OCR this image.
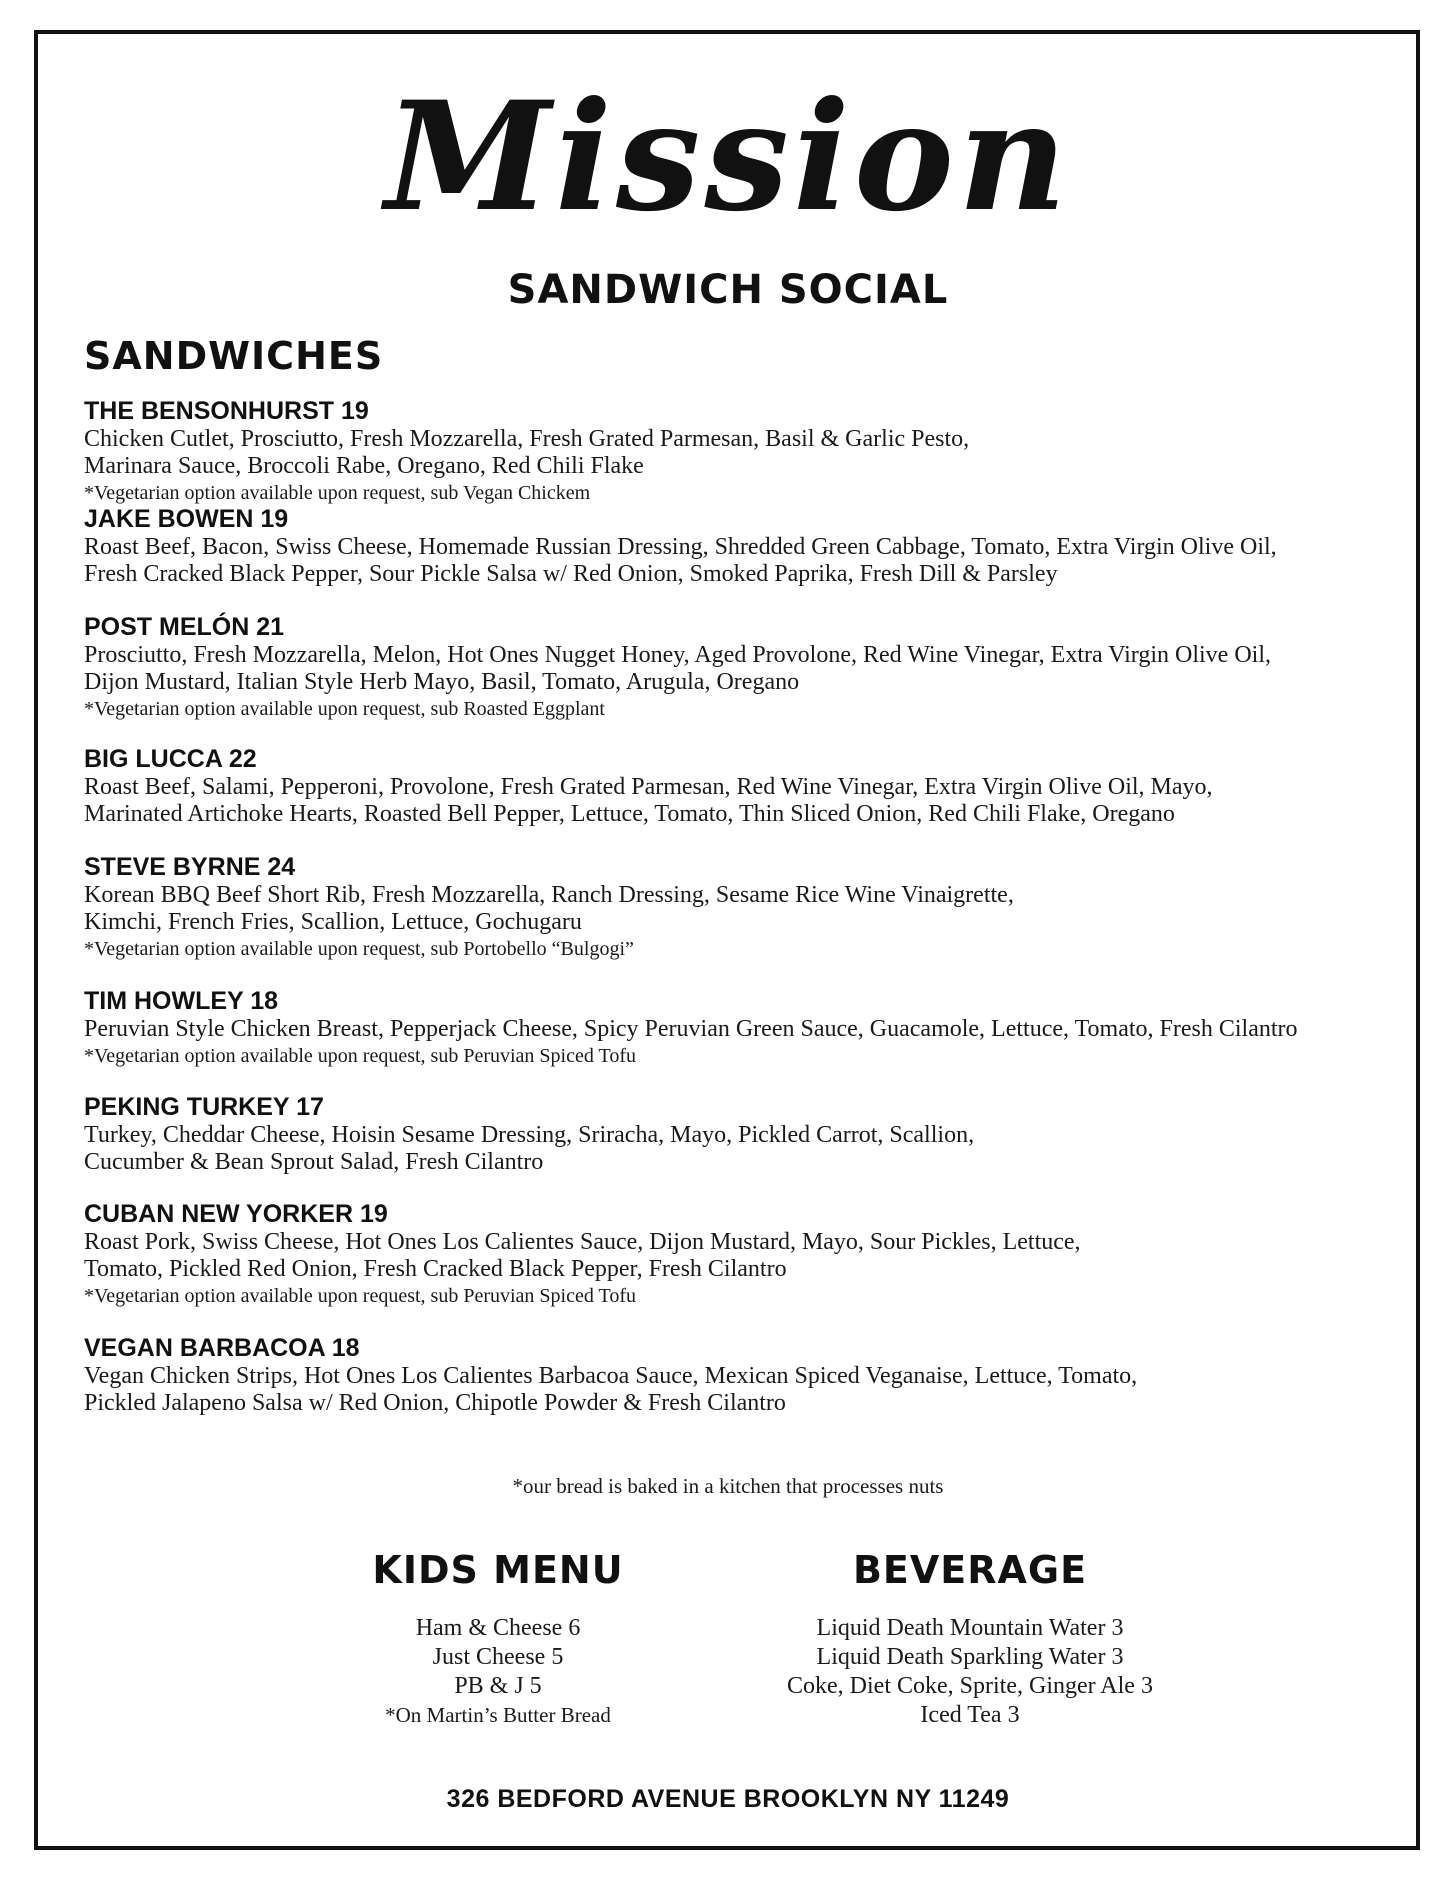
Mission
SANDWICH SOCIAL
SANDWICHES
THE BENSONHURST 19
Chicken Cutlet, Prosciutto, Fresh Mozzarella, Fresh Grated Parmesan, Basil & Garlic Pesto,
Marinara Sauce, Broccoli Rabe, Oregano, Red Chili Flake
*Vegetarian option available upon request, sub Vegan Chickem
JAKE BOWEN 19
Roast Beef, Bacon, Swiss Cheese, Homemade Russian Dressing, Shredded Green Cabbage, Tomato, Extra Virgin Olive Oil,
Fresh Cracked Black Pepper, Sour Pickle Salsa w/ Red Onion, Smoked Paprika, Fresh Dill & Parsley
POST MELÓN 21
Prosciutto, Fresh Mozzarella, Melon, Hot Ones Nugget Honey, Aged Provolone, Red Wine Vinegar, Extra Virgin Olive Oil,
Dijon Mustard, Italian Style Herb Mayo, Basil, Tomato, Arugula, Oregano
*Vegetarian option available upon request, sub Roasted Eggplant
BIG LUCCA 22
Roast Beef, Salami, Pepperoni, Provolone, Fresh Grated Parmesan, Red Wine Vinegar, Extra Virgin Olive Oil, Mayo,
Marinated Artichoke Hearts, Roasted Bell Pepper, Lettuce, Tomato, Thin Sliced Onion, Red Chili Flake, Oregano
STEVE BYRNE 24
Korean BBQ Beef Short Rib, Fresh Mozzarella, Ranch Dressing, Sesame Rice Wine Vinaigrette,
Kimchi, French Fries, Scallion, Lettuce, Gochugaru
*Vegetarian option available upon request, sub Portobello “Bulgogi”
TIM HOWLEY 18
Peruvian Style Chicken Breast, Pepperjack Cheese, Spicy Peruvian Green Sauce, Guacamole, Lettuce, Tomato, Fresh Cilantro
*Vegetarian option available upon request, sub Peruvian Spiced Tofu
PEKING TURKEY 17
Turkey, Cheddar Cheese, Hoisin Sesame Dressing, Sriracha, Mayo, Pickled Carrot, Scallion,
Cucumber & Bean Sprout Salad, Fresh Cilantro
CUBAN NEW YORKER 19
Roast Pork, Swiss Cheese, Hot Ones Los Calientes Sauce, Dijon Mustard, Mayo, Sour Pickles, Lettuce,
Tomato, Pickled Red Onion, Fresh Cracked Black Pepper, Fresh Cilantro
*Vegetarian option available upon request, sub Peruvian Spiced Tofu
VEGAN BARBACOA 18
Vegan Chicken Strips, Hot Ones Los Calientes Barbacoa Sauce, Mexican Spiced Veganaise, Lettuce, Tomato,
Pickled Jalapeno Salsa w/ Red Onion, Chipotle Powder & Fresh Cilantro
*our bread is baked in a kitchen that processes nuts
KIDS MENU
Ham & Cheese 6
Just Cheese 5
PB & J 5
*On Martin’s Butter Bread
BEVERAGE
Liquid Death Mountain Water 3
Liquid Death Sparkling Water 3
Coke, Diet Coke, Sprite, Ginger Ale 3
Iced Tea 3
326 BEDFORD AVENUE BROOKLYN NY 11249
